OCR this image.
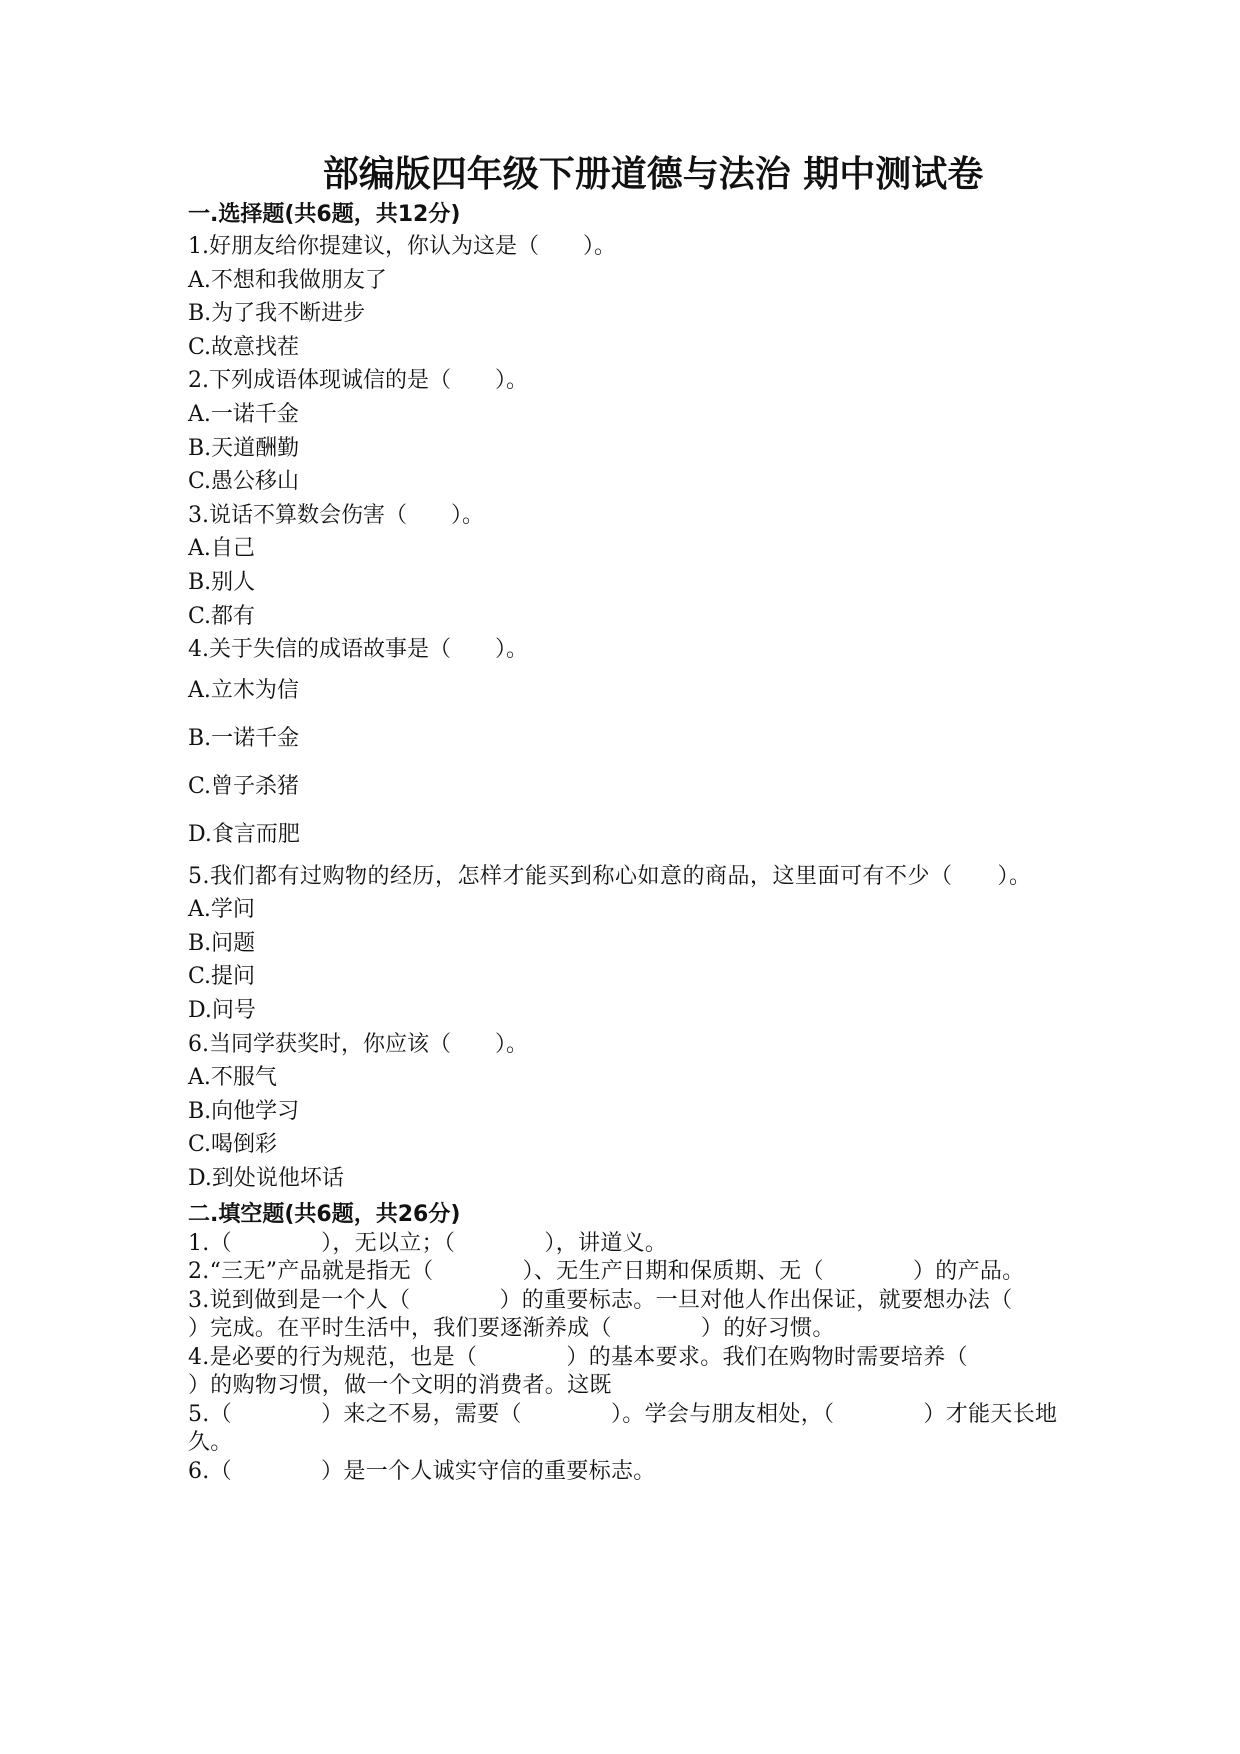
部编版四年级下册道德与法治 期中测试卷
一.选择题(共6题，共12分)
1.好朋友给你提建议，你认为这是（　　）。
A.不想和我做朋友了
B.为了我不断进步
C.故意找茬
2.下列成语体现诚信的是（　　）。
A.一诺千金
B.天道酬勤
C.愚公移山
3.说话不算数会伤害（　　）。
A.自己
B.别人
C.都有
4.关于失信的成语故事是（　　）。
A.立木为信
B.一诺千金
C.曾子杀猪
D.食言而肥
5.我们都有过购物的经历，怎样才能买到称心如意的商品，这里面可有不少（　　）。
A.学问
B.问题
C.提问
D.问号
6.当同学获奖时，你应该（　　）。
A.不服气
B.向他学习
C.喝倒彩
D.到处说他坏话
二.填空题(共6题，共26分)
1.（　　　　），无以立；（　　　　），讲道义。
2.“三无”产品就是指无（　　　　）、无生产日期和保质期、无（　　　　）的产品。
3.说到做到是一个人（　　　　）的重要标志。一旦对他人作出保证，就要想办法（　　　　）完成。在平时生活中，我们要逐渐养成（　　　　）的好习惯。
4.是必要的行为规范，也是（　　　　）的基本要求。我们在购物时需要培养（　　　　）的购物习惯，做一个文明的消费者。这既
5.（　　　　）来之不易，需要（　　　　）。学会与朋友相处，（　　　　）才能天长地久。
6.（　　　　）是一个人诚实守信的重要标志。
